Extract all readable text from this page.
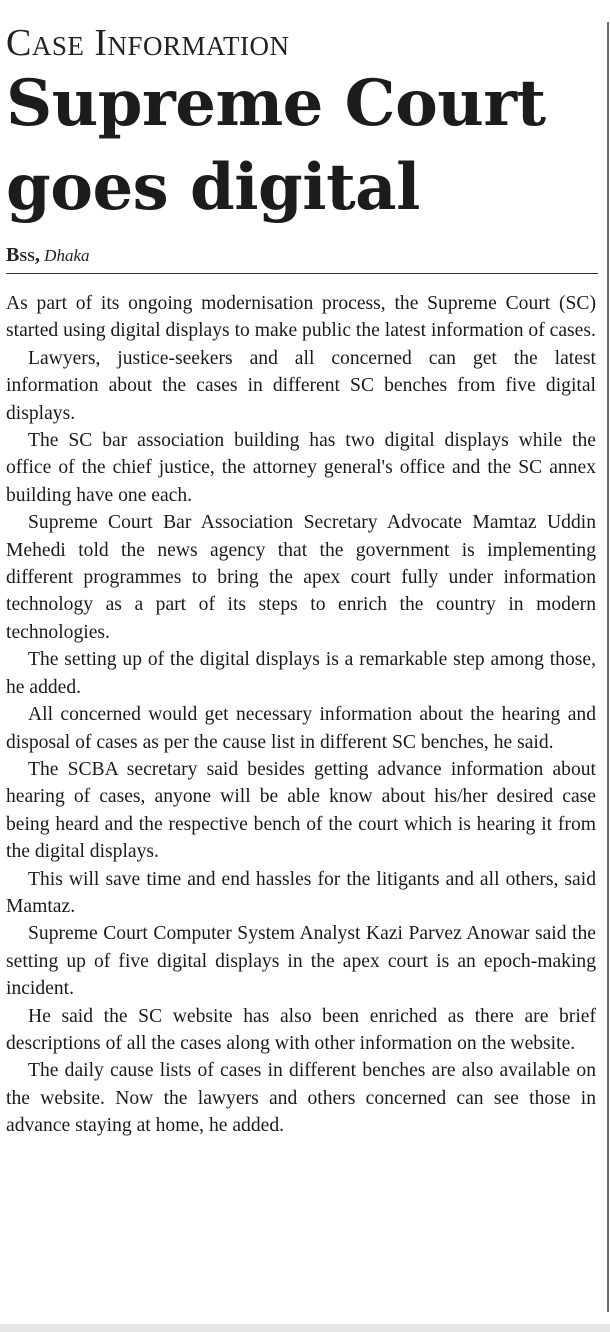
Case Information
Supreme Court
goes digital
Bss, Dhaka

As part of its ongoing modernisation process, the Supreme Court (SC) started using digital displays to make public the latest information of cases.

Lawyers, justice-seekers and all concerned can get the latest information about the cases in different SC benches from five digital displays.

The SC bar association building has two digital displays while the office of the chief justice, the attorney general's office and the SC annex building have one each.

Supreme Court Bar Association Secretary Advocate Mamtaz Uddin Mehedi told the news agency that the government is implementing different programmes to bring the apex court fully under information technology as a part of its steps to enrich the country in modern technologies.

The setting up of the digital displays is a remarkable step among those, he added.

All concerned would get necessary information about the hearing and disposal of cases as per the cause list in different SC benches, he said.

The SCBA secretary said besides getting advance information about hearing of cases, anyone will be able know about his/her desired case being heard and the respective bench of the court which is hearing it from the digital displays.

This will save time and end hassles for the litigants and all others, said Mamtaz.

Supreme Court Computer System Analyst Kazi Parvez Anowar said the setting up of five digital displays in the apex court is an epoch-making incident.

He said the SC website has also been enriched as there are brief descriptions of all the cases along with other information on the website.

The daily cause lists of cases in different benches are also available on the website. Now the lawyers and others concerned can see those in advance staying at home, he added.
